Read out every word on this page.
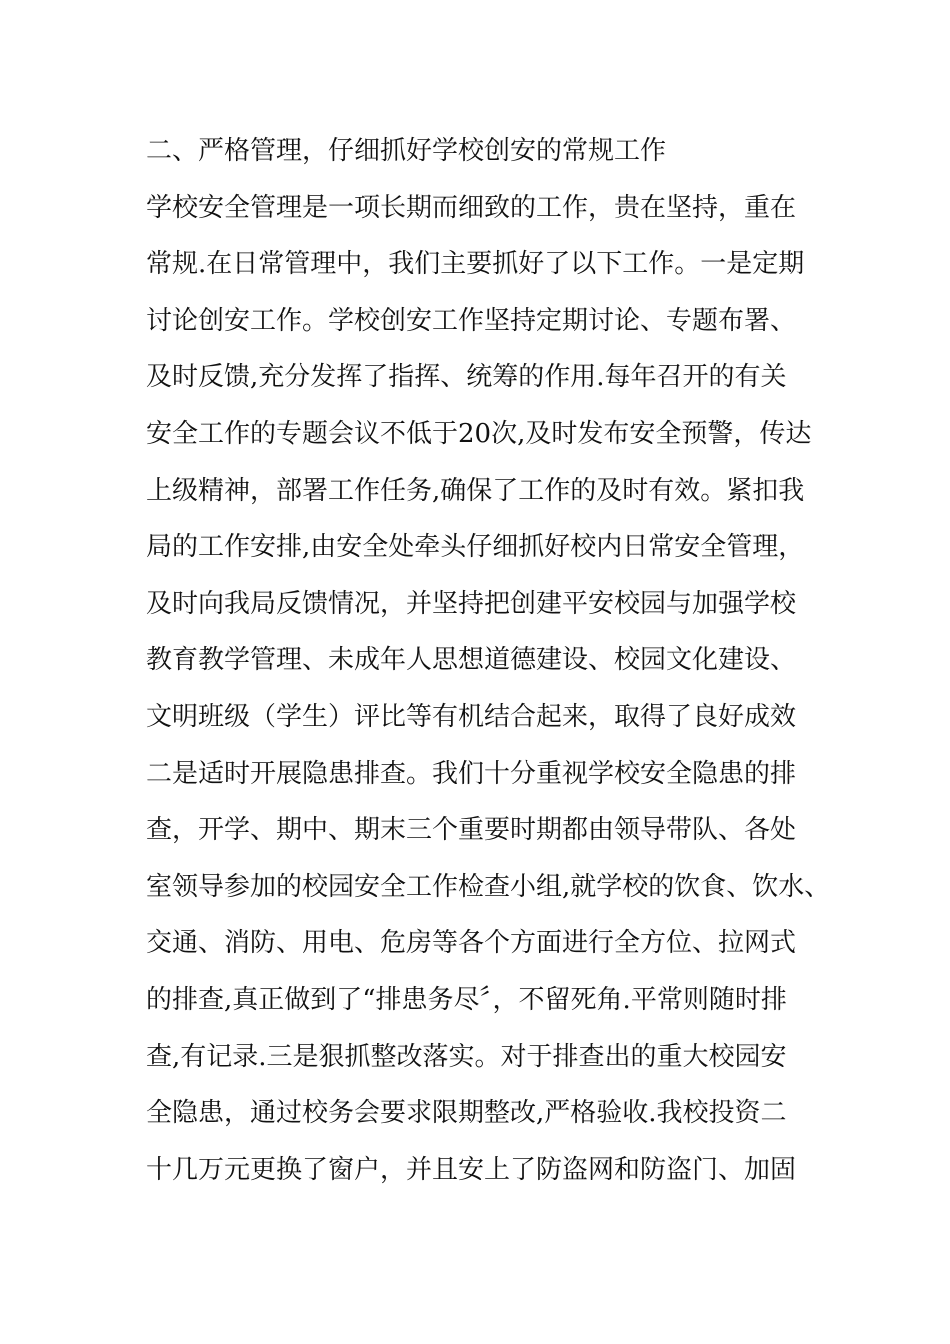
二、严格管理，仔细抓好学校创安的常规工作

学校安全管理是一项长期而细致的工作，贵在坚持，重在

常规.在日常管理中，我们主要抓好了以下工作。一是定期

讨论创安工作。学校创安工作坚持定期讨论、专题布署、

及时反馈,充分发挥了指挥、统筹的作用.每年召开的有关

安全工作的专题会议不低于20次,及时发布安全预警，传达

上级精神，部署工作任务,确保了工作的及时有效。紧扣我

局的工作安排,由安全处牵头仔细抓好校内日常安全管理，

及时向我局反馈情况，并坚持把创建平安校园与加强学校

教育教学管理、未成年人思想道德建设、校园文化建设、

文明班级（学生）评比等有机结合起来，取得了良好成效

二是适时开展隐患排查。我们十分重视学校安全隐患的排

查，开学、期中、期末三个重要时期都由领导带队、各处

室领导参加的校园安全工作检查小组,就学校的饮食、饮水、

交通、消防、用电、危房等各个方面进行全方位、拉网式

的排查,真正做到了“排患务尽〞，不留死角.平常则随时排

查,有记录.三是狠抓整改落实。对于排查出的重大校园安

全隐患，通过校务会要求限期整改,严格验收.我校投资二

十几万元更换了窗户，并且安上了防盗网和防盗门、加固
